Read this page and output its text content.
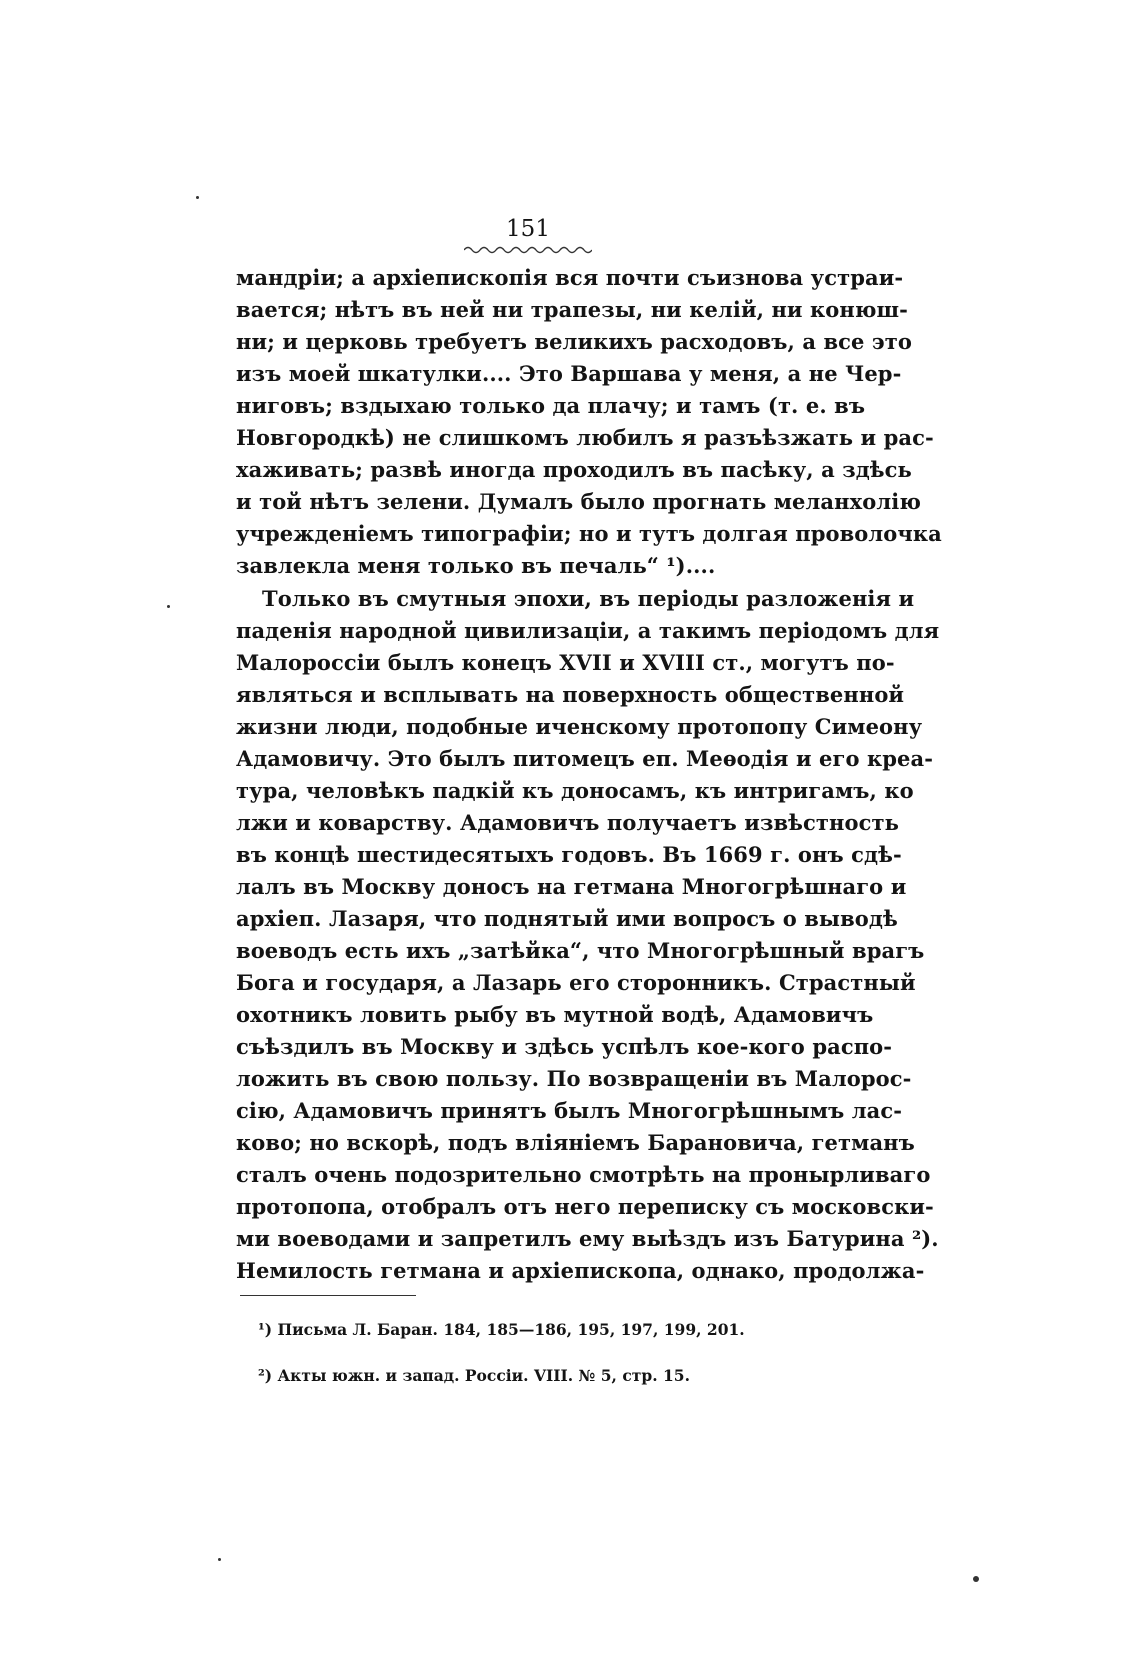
151
мандріи; а архіепископія вся почти съизнова устраи-
вается; нѣтъ въ ней ни трапезы, ни келій, ни конюш-
ни; и церковь требуетъ великихъ расходовъ, а все это
изъ моей шкатулки.... Это Варшава у меня, а не Чер-
ниговъ; вздыхаю только да плачу; и тамъ (т. е. въ
Новгородкѣ) не слишкомъ любилъ я разъѣзжать и рас-
хаживать; развѣ иногда проходилъ въ пасѣку, а здѣсь
и той нѣтъ зелени. Думалъ было прогнать меланхолію
учрежденіемъ типографіи; но и тутъ долгая проволочка
завлекла меня только въ печаль“ ¹)....
Только въ смутныя эпохи, въ періоды разложенія и
паденія народной цивилизаціи, а такимъ періодомъ для
Малороссіи былъ конецъ XVII и XVIII ст., могутъ по-
являться и всплывать на поверхность общественной
жизни люди, подобные иченскому протопопу Симеону
Адамовичу. Это былъ питомецъ еп. Меѳодія и его креа-
тура, человѣкъ падкій къ доносамъ, къ интригамъ, ко
лжи и коварству. Адамовичъ получаетъ извѣстность
въ концѣ шестидесятыхъ годовъ. Въ 1669 г. онъ сдѣ-
лалъ въ Москву доносъ на гетмана Многогрѣшнаго и
архіеп. Лазаря, что поднятый ими вопросъ о выводѣ
воеводъ есть ихъ „затѣйка“, что Многогрѣшный врагъ
Бога и государя, а Лазарь его сторонникъ. Страстный
охотникъ ловить рыбу въ мутной водѣ, Адамовичъ
съѣздилъ въ Москву и здѣсь успѣлъ кое-кого распо-
ложить въ свою пользу. По возвращеніи въ Малорос-
сію, Адамовичъ принятъ былъ Многогрѣшнымъ лас-
ково; но вскорѣ, подъ вліяніемъ Барановича, гетманъ
сталъ очень подозрительно смотрѣть на пронырливаго
протопопа, отобралъ отъ него переписку съ московски-
ми воеводами и запретилъ ему выѣздъ изъ Батурина ²).
Немилость гетмана и архіепископа, однако, продолжа-
¹) Письма Л. Баран. 184, 185—186, 195, 197, 199, 201.
²) Акты южн. и запад. Россіи. VIII. № 5, стр. 15.
